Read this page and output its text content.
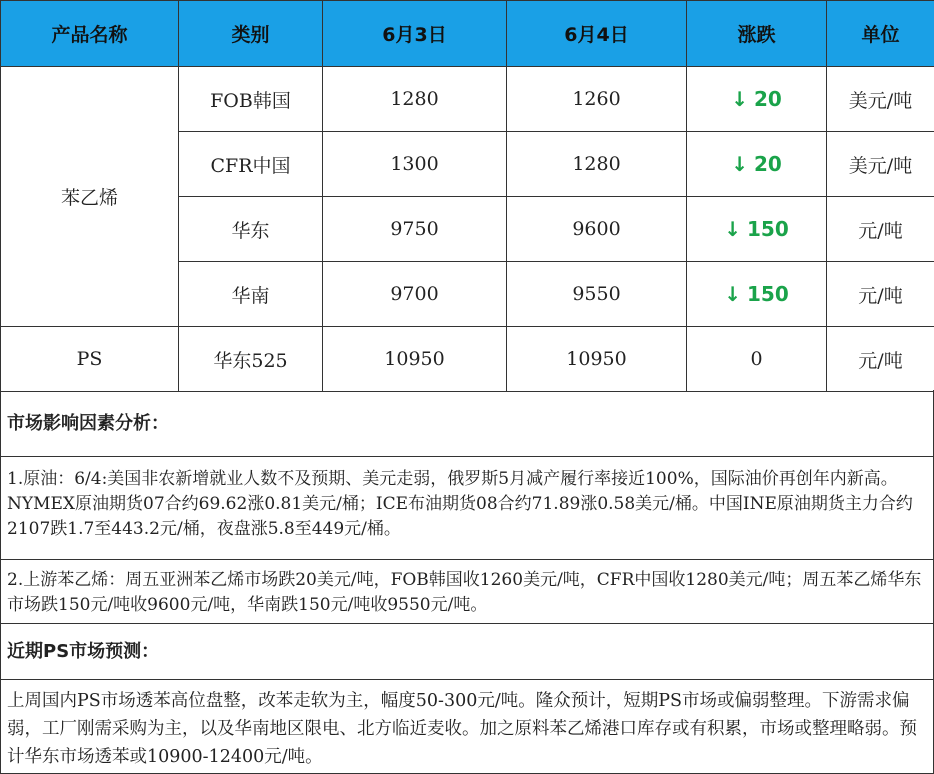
产品名称	类别	6月3日	6月4日	涨跌	单位
苯乙烯	FOB韩国	1280	1260	↓ 20	美元/吨
	CFR中国	1300	1280	↓ 20	美元/吨
	华东	9750	9600	↓ 150	元/吨
	华南	9700	9550	↓ 150	元/吨
PS	华东525	10950	10950	0	元/吨
市场影响因素分析：
1.原油：6/4:美国非农新增就业人数不及预期、美元走弱，俄罗斯5月减产履行率接近100%，国际油价再创年内新高。NYMEX原油期货07合约69.62涨0.81美元/桶；ICE布油期货08合约71.89涨0.58美元/桶。中国INE原油期货主力合约2107跌1.7至443.2元/桶，夜盘涨5.8至449元/桶。
2.上游苯乙烯：周五亚洲苯乙烯市场跌20美元/吨，FOB韩国收1260美元/吨，CFR中国收1280美元/吨；周五苯乙烯华东市场跌150元/吨收9600元/吨，华南跌150元/吨收9550元/吨。
近期PS市场预测：
上周国内PS市场透苯高位盘整，改苯走软为主，幅度50-300元/吨。隆众预计，短期PS市场或偏弱整理。下游需求偏弱，工厂刚需采购为主，以及华南地区限电、北方临近麦收。加之原料苯乙烯港口库存或有积累，市场或整理略弱。预计华东市场透苯或10900-12400元/吨。
